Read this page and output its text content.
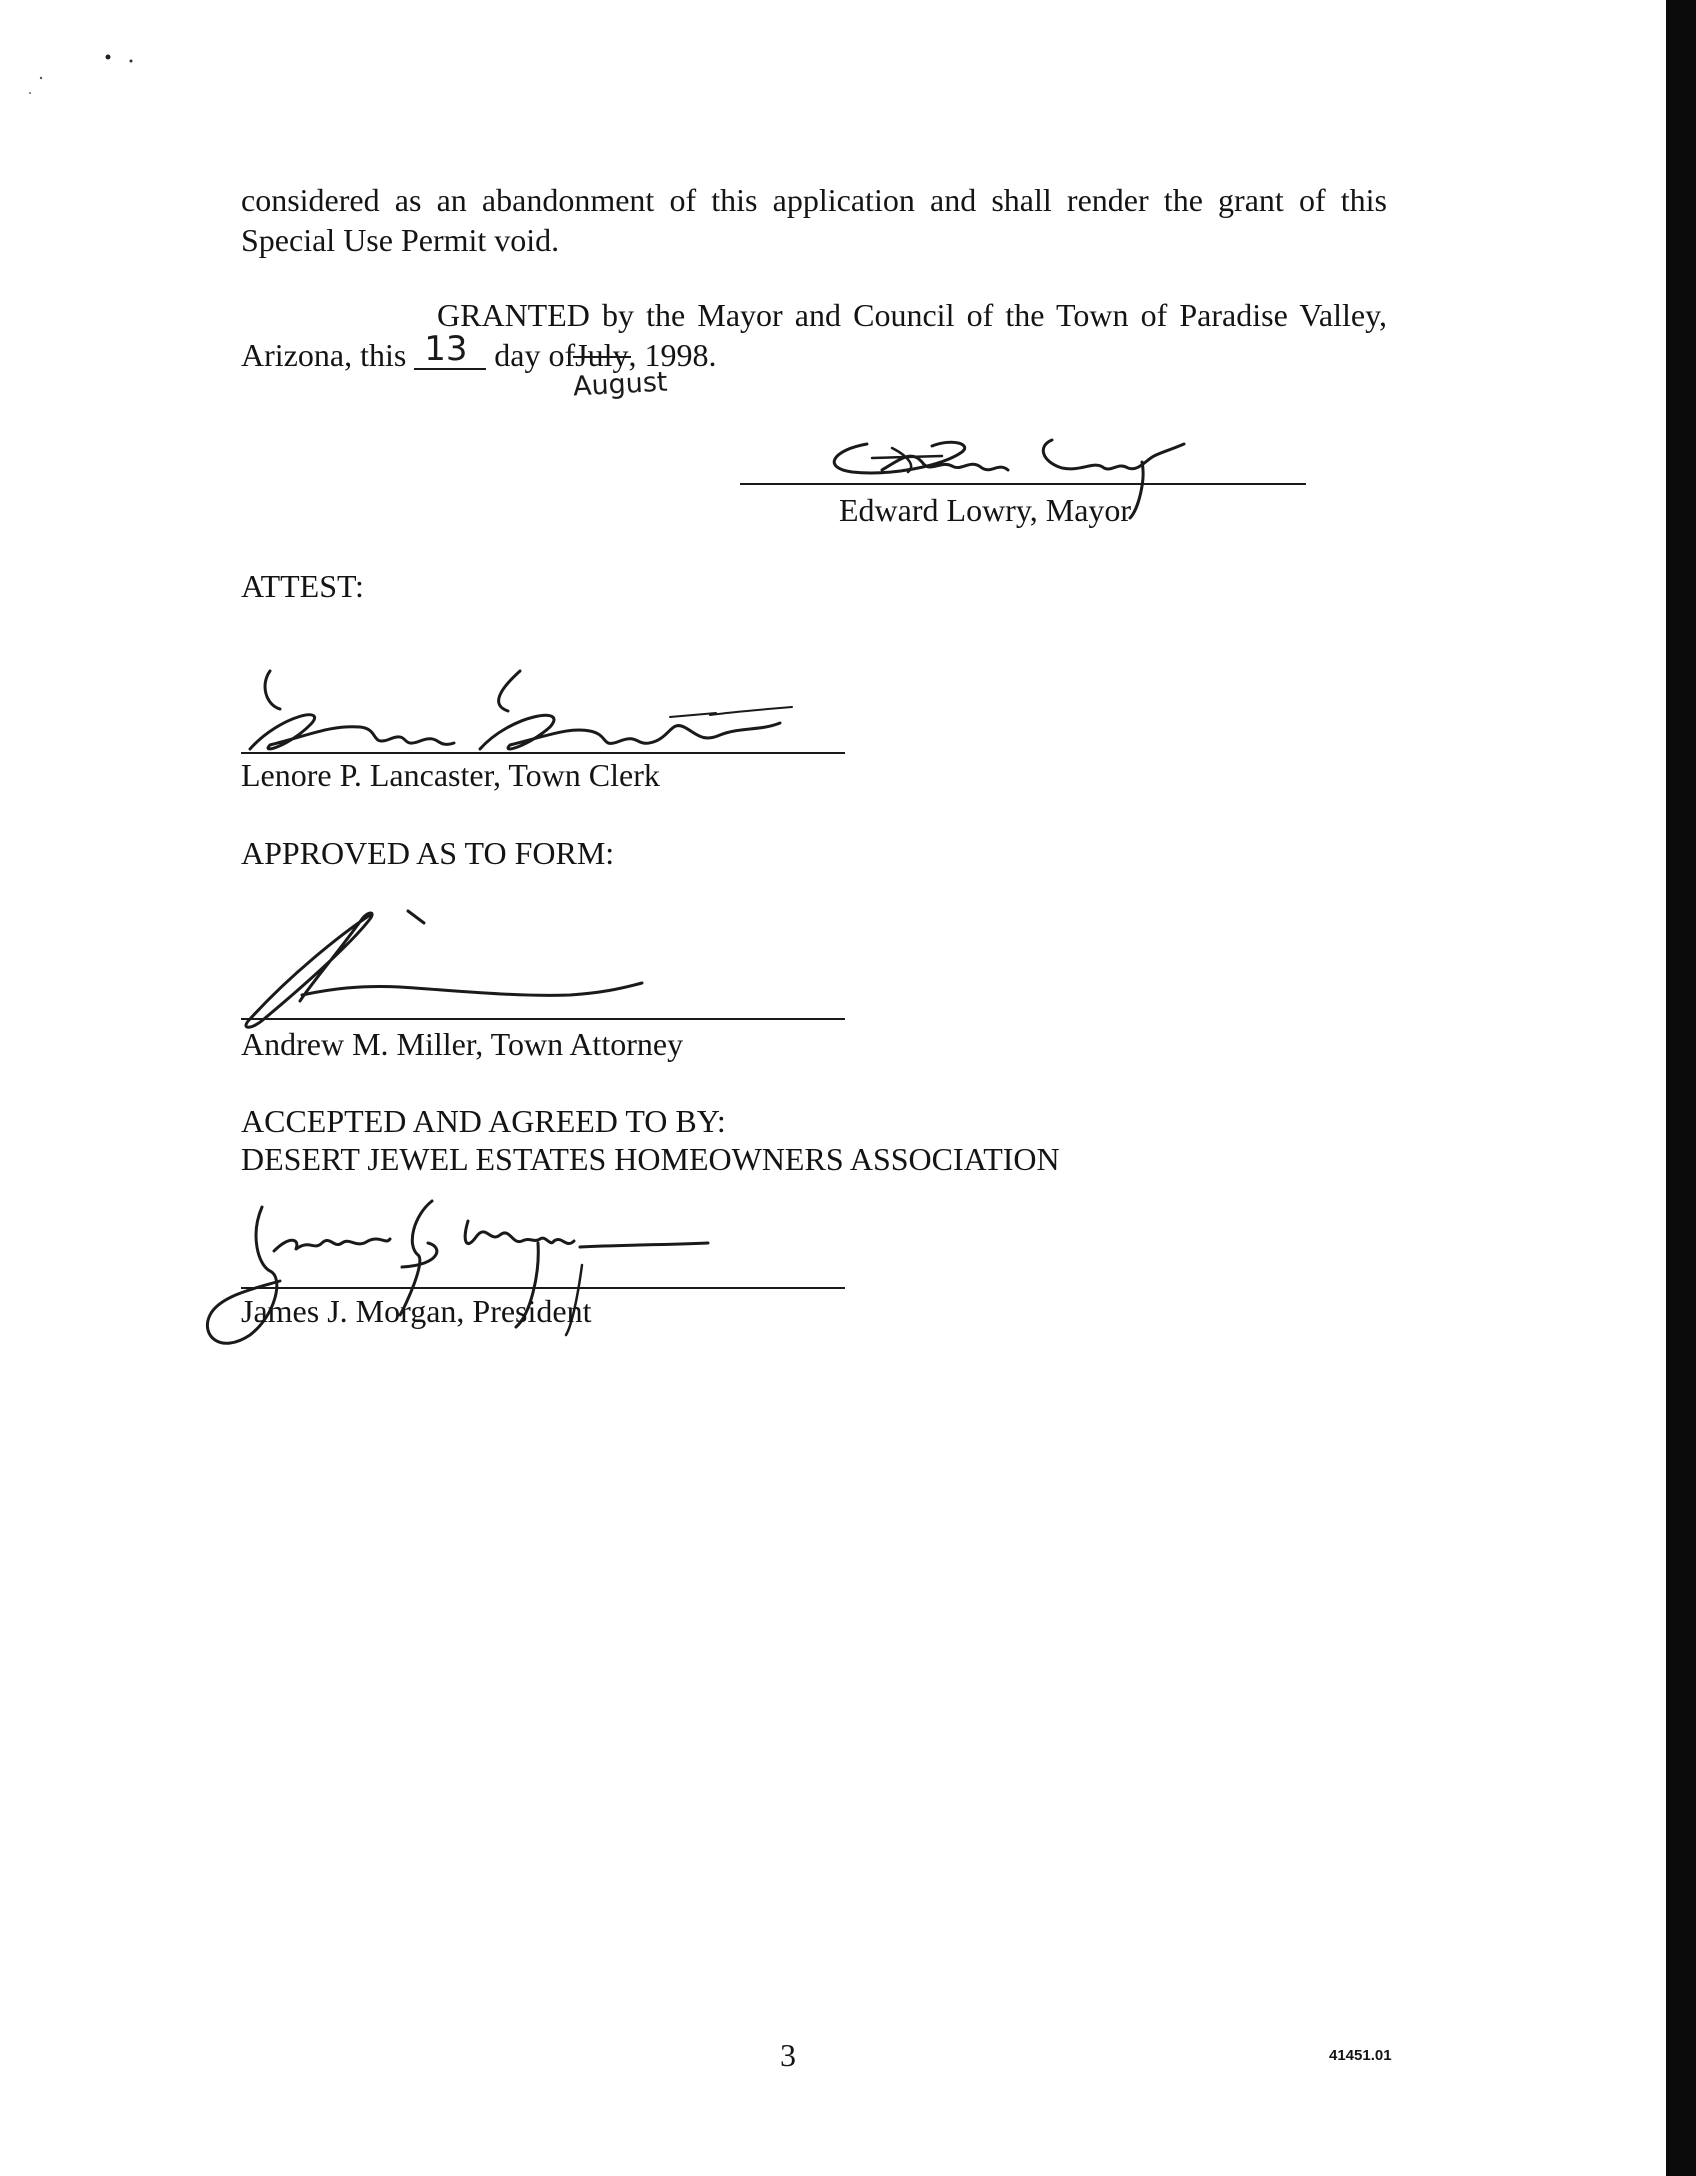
considered as an abandonment of this application and shall render the grant of this
Special Use Permit void.
GRANTED by the Mayor and Council of the Town of Paradise Valley,
Arizona, this 13 day ofJuly, 1998.
August
Edward Lowry, Mayor
ATTEST:
Lenore P. Lancaster, Town Clerk
APPROVED AS TO FORM:
Andrew M. Miller, Town Attorney
ACCEPTED AND AGREED TO BY:
DESERT JEWEL ESTATES HOMEOWNERS ASSOCIATION
James J. Morgan, President
3	41451.01
